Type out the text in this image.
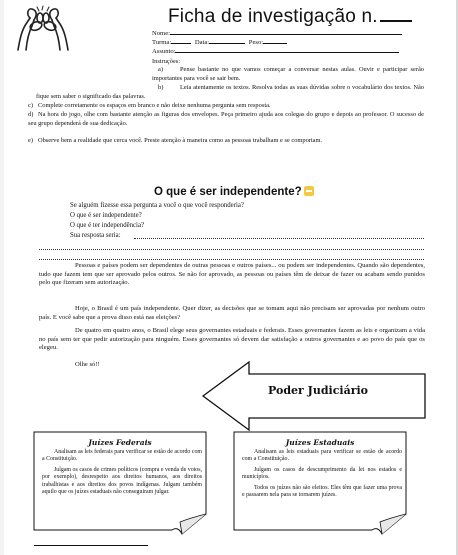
Ficha de investigação n.
Nome:
Turma:	Data:	Peso:
Assunto:
Instruções:
a)	Pense bastante no que vamos começar a conversar nestas aulas. Ouvir e participar serão importantes para você se sair bem.
b)	Leia atentamente os textos. Resolva todas as suas dúvidas sobre o vocabulário dos textos. Não fique sem saber o significado das palavras.
c) Complete corretamente os espaços em branco e não deixe nenhuma pergunta sem resposta.
d) Na hora do jogo, olhe com bastante atenção as figuras dos envelopes. Peça primeiro ajuda aos colegas do grupo e depois ao professor. O sucesso de seu grupo dependerá de sua dedicação.
e) Observe bem a realidade que cerca você. Preste atenção à maneira como as pessoas trabalham e se comportam.
O que é ser independente?
Se alguém fizesse essa pergunta a você o que você responderia?
O que é ser independente?
O que é ter independência?
Sua resposta seria:
Pessoas e países podem ser dependentes de outras pessoas e outros países... ou podem ser independentes. Quando são dependentes, tudo que fazem tem que ser aprovado pelos outros. Se não for aprovado, as pessoas ou países têm de deixar de fazer ou acabam sendo punidos pelo que fizeram sem autorização.
Hoje, o Brasil é um país independente. Quer dizer, as decisões que se tomam aqui não precisam ser aprovadas por nenhum outro país. E você sabe que a prova disso está nas eleições?
De quatro em quatro anos, o Brasil elege seus governantes estaduais e federais. Esses governantes fazem as leis e organizam a vida no país sem ter que pedir autorização para ninguém. Esses governantes só devem dar satisfação a outros governantes e ao povo do país que os elegeu.
Olhe só!!
Poder Judiciário
Juízes Federais

Analisam as leis federais para verificar se estão de acordo com a Constituição.

Julgam os casos de crimes políticos (compra e venda de votos, por exemplo), desrespeito aos direitos humanos, aos direitos trabalhistas e aos direitos dos povos indígenas. Julgam também aquilo que os juízes estaduais não conseguiram julgar.

Juízes Estaduais

Analisam as leis estaduais para verificar se estão de acordo com a Constituição.

Julgam os casos de descumprimento da lei nos estados e municípios.

Todos os juízes não são eleitos. Eles têm que fazer uma prova e passarem nela para se tornarem juízes.
